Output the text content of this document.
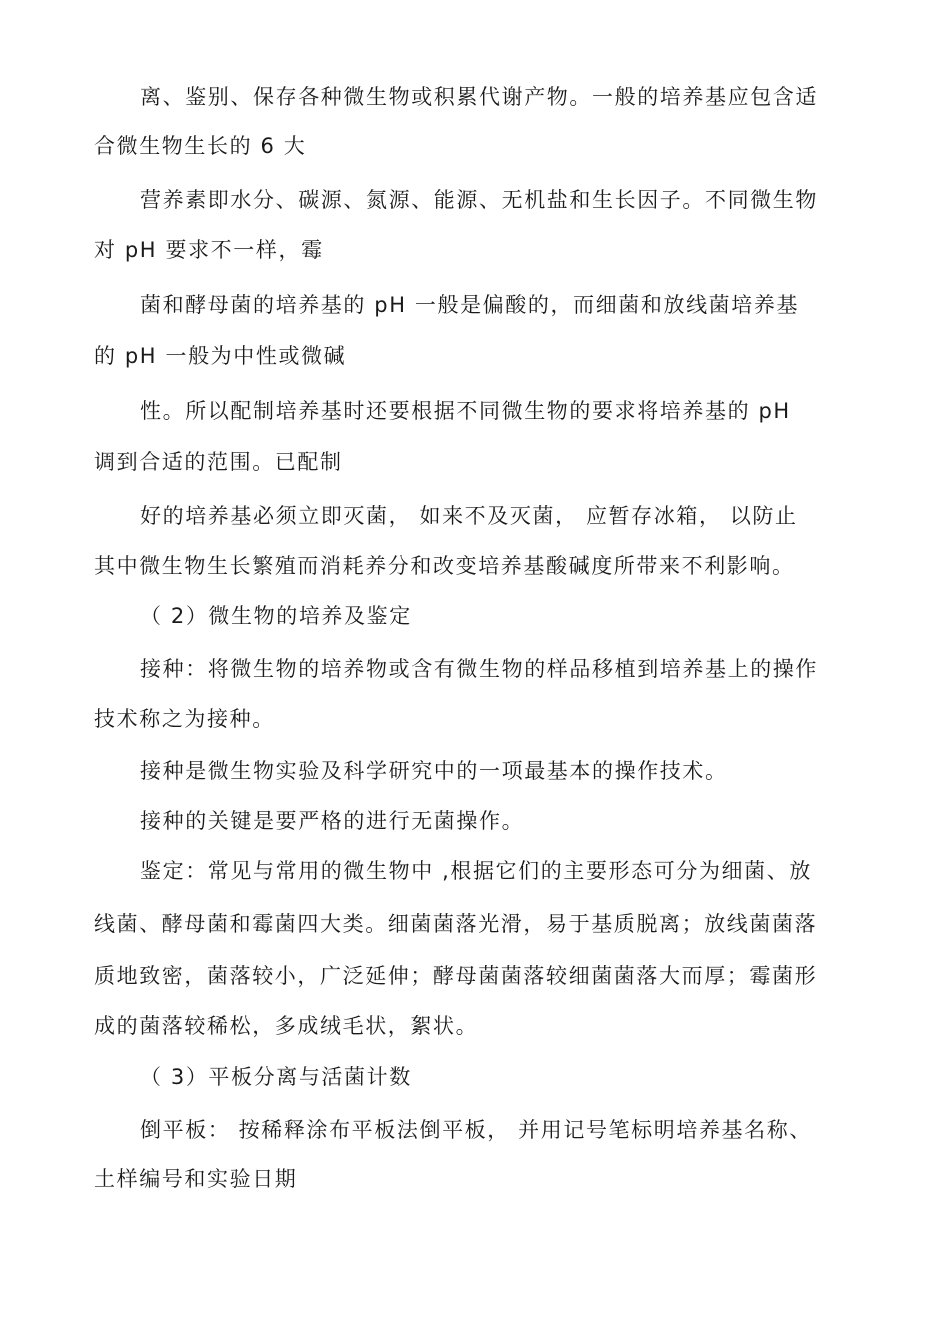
离、鉴别、保存各种微生物或积累代谢产物。一般的培养基应包含适
合微生物生长的 6 大
营养素即水分、碳源、氮源、能源、无机盐和生长因子。不同微生物
对 pH 要求不一样，霉
菌和酵母菌的培养基的 pH 一般是偏酸的，而细菌和放线菌培养基
的 pH 一般为中性或微碱
性。所以配制培养基时还要根据不同微生物的要求将培养基的 pH
调到合适的范围。已配制
好的培养基必须立即灭菌， 如来不及灭菌， 应暂存冰箱， 以防止
其中微生物生长繁殖而消耗养分和改变培养基酸碱度所带来不利影响。
（ 2）微生物的培养及鉴定
接种：将微生物的培养物或含有微生物的样品移植到培养基上的操作
技术称之为接种。
接种是微生物实验及科学研究中的一项最基本的操作技术。
接种的关键是要严格的进行无菌操作。
鉴定：常见与常用的微生物中 ,根据它们的主要形态可分为细菌、放
线菌、酵母菌和霉菌四大类。细菌菌落光滑，易于基质脱离；放线菌菌落
质地致密，菌落较小，广泛延伸；酵母菌菌落较细菌菌落大而厚；霉菌形
成的菌落较稀松，多成绒毛状，絮状。
（ 3）平板分离与活菌计数
倒平板： 按稀释涂布平板法倒平板， 并用记号笔标明培养基名称、
土样编号和实验日期
